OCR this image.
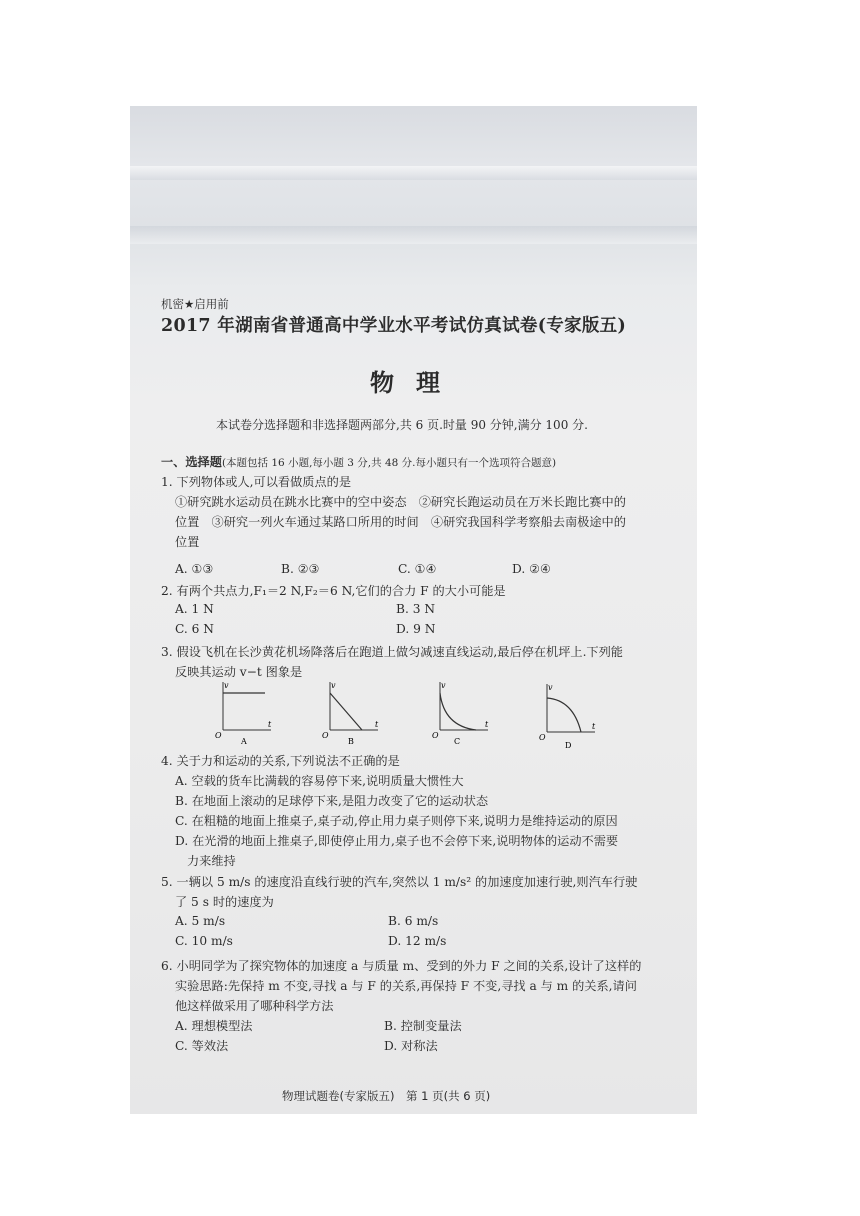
机密★启用前
2017 年湖南省普通高中学业水平考试仿真试卷(专家版五)
物理
本试卷分选择题和非选择题两部分,共 6 页.时量 90 分钟,满分 100 分.
一、选择题(本题包括 16 小题,每小题 3 分,共 48 分.每小题只有一个选项符合题意)
1. 下列物体或人,可以看做质点的是
①研究跳水运动员在跳水比赛中的空中姿态　②研究长跑运动员在万米长跑比赛中的
位置　③研究一列火车通过某路口所用的时间　④研究我国科学考察船去南极途中的
位置
A. ①③	B. ②③	C. ①④	D. ②④
2. 有两个共点力,F₁＝2 N,F₂＝6 N,它们的合力 F 的大小可能是
A. 1 N	B. 3 N
C. 6 N	D. 9 N
3. 假设飞机在长沙黄花机场降落后在跑道上做匀减速直线运动,最后停在机坪上.下列能
反映其运动 v−t 图象是
v
t
O
A
v
t
O
B
v
t
O
C
v
t
O
D
4. 关于力和运动的关系,下列说法不正确的是
A. 空载的货车比满载的容易停下来,说明质量大惯性大
B. 在地面上滚动的足球停下来,是阻力改变了它的运动状态
C. 在粗糙的地面上推桌子,桌子动,停止用力桌子则停下来,说明力是维持运动的原因
D. 在光滑的地面上推桌子,即使停止用力,桌子也不会停下来,说明物体的运动不需要
力来维持
5. 一辆以 5 m/s 的速度沿直线行驶的汽车,突然以 1 m/s² 的加速度加速行驶,则汽车行驶
了 5 s 时的速度为
A. 5 m/s	B. 6 m/s
C. 10 m/s	D. 12 m/s
6. 小明同学为了探究物体的加速度 a 与质量 m、受到的外力 F 之间的关系,设计了这样的
实验思路:先保持 m 不变,寻找 a 与 F 的关系,再保持 F 不变,寻找 a 与 m 的关系,请问
他这样做采用了哪种科学方法
A. 理想模型法	B. 控制变量法
C. 等效法	D. 对称法
物理试题卷(专家版五)　第 1 页(共 6 页)
